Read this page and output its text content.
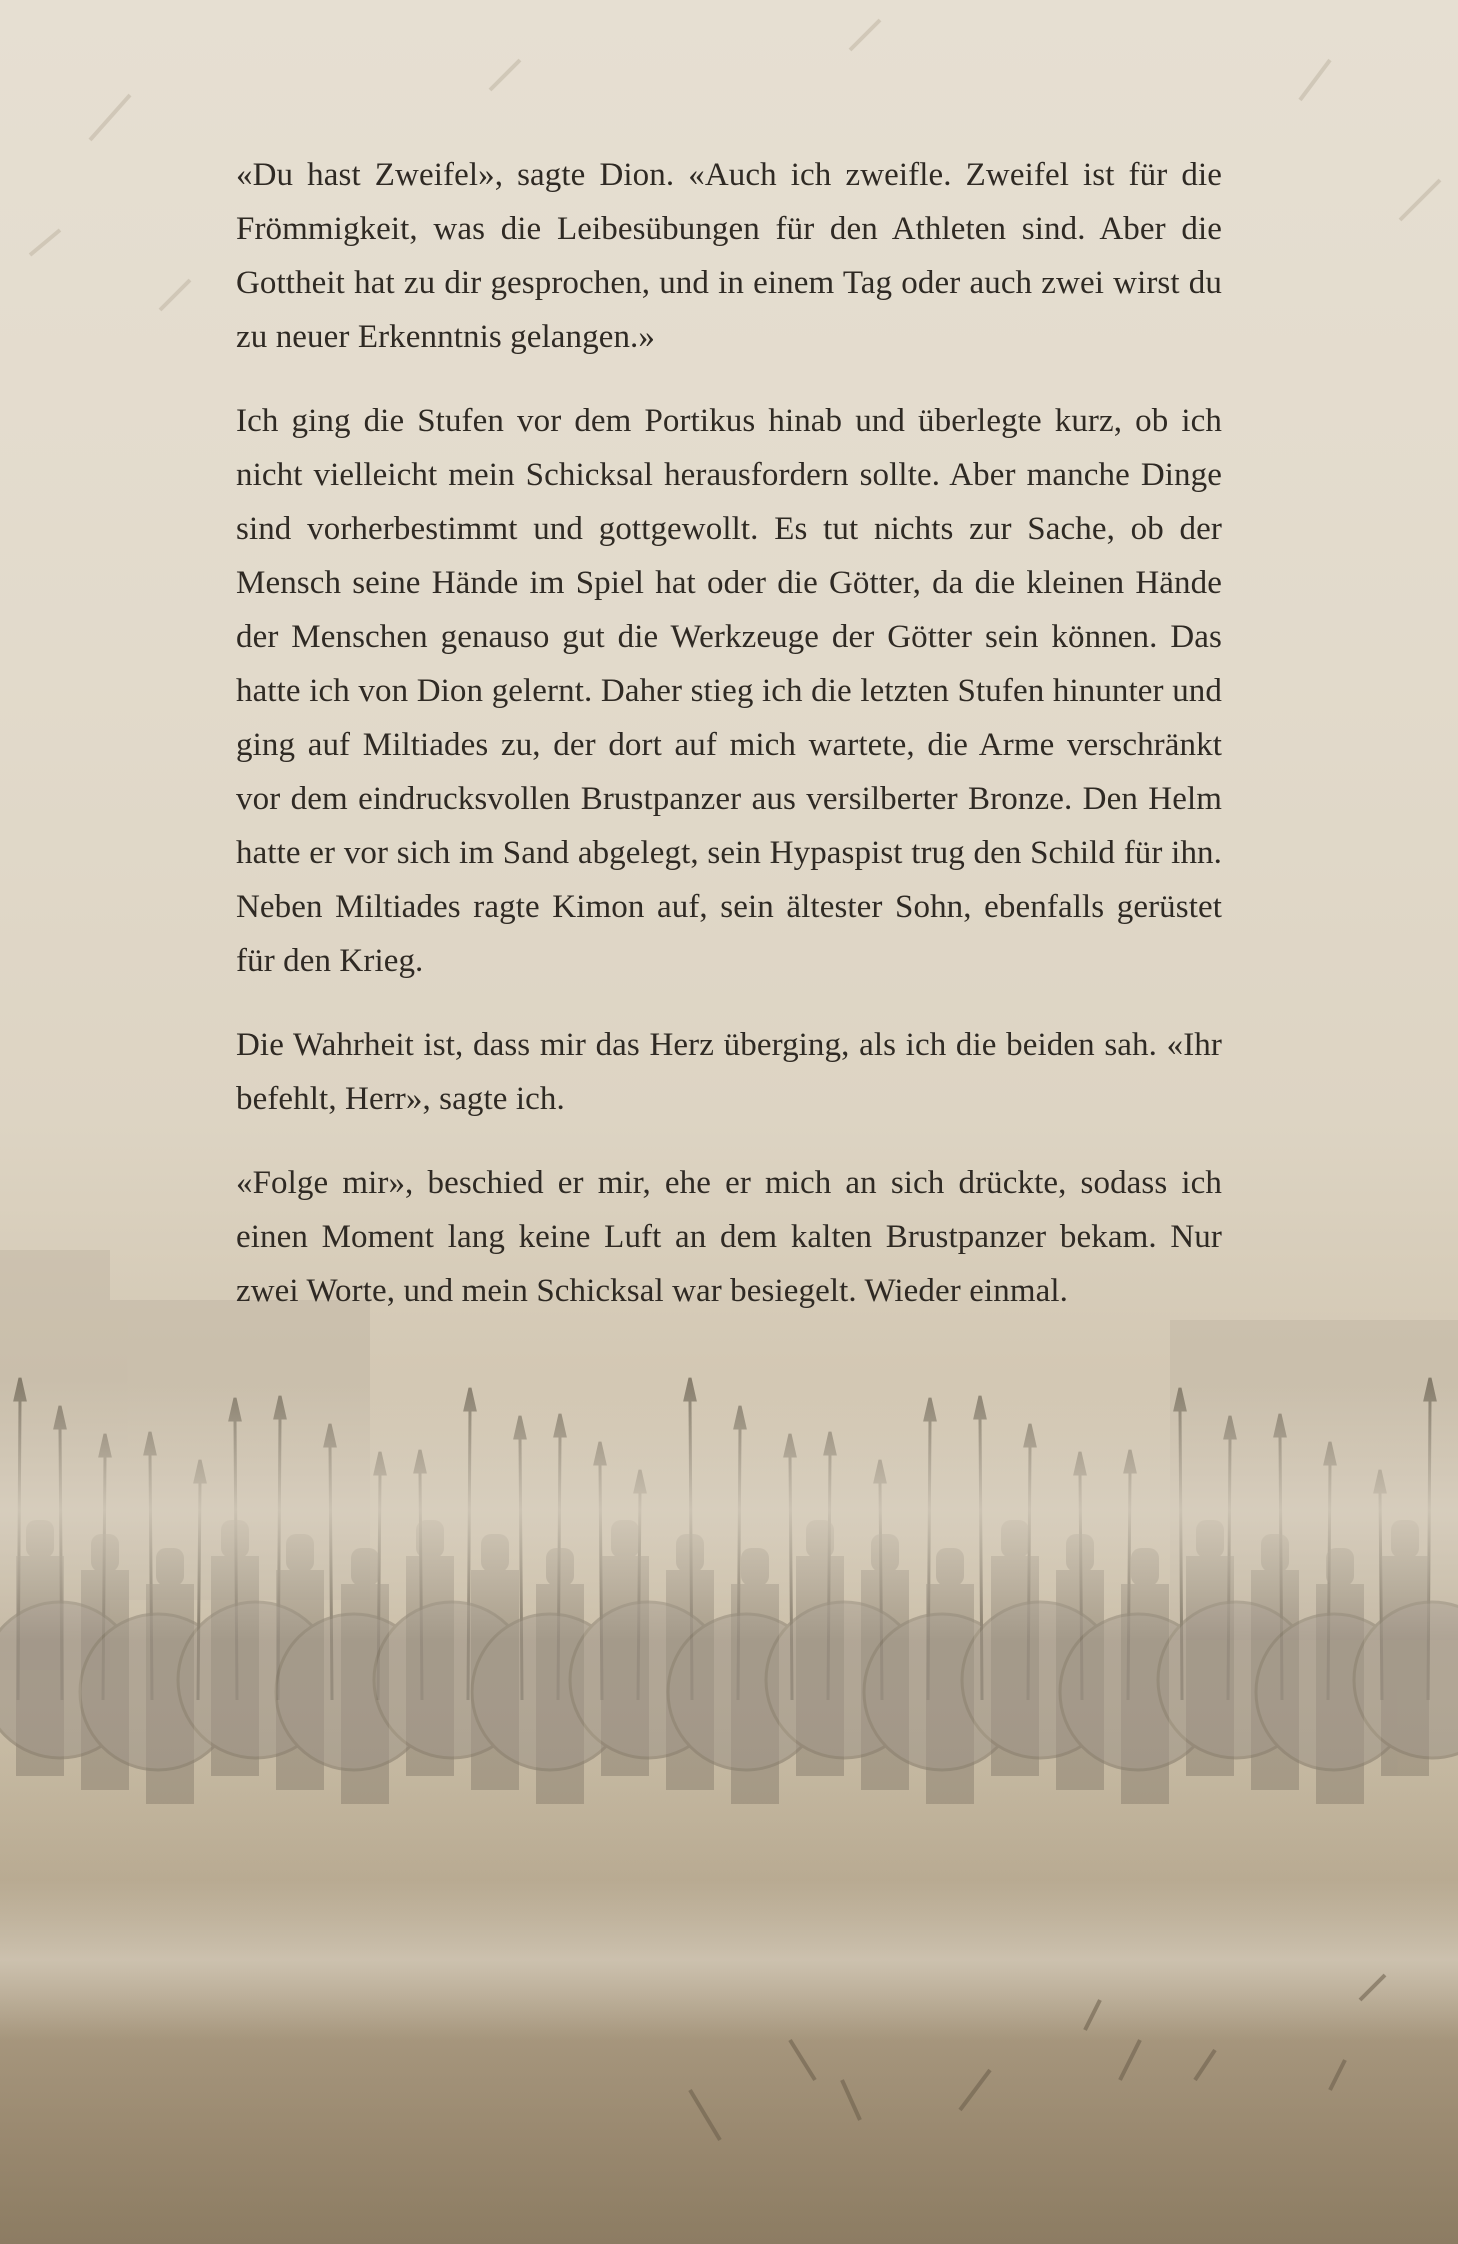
«Du hast Zweifel», sagte Dion. «Auch ich zweifle. Zweifel ist für die Frömmigkeit, was die Leibesübungen für den Athleten sind. Aber die Gottheit hat zu dir gesprochen, und in einem Tag oder auch zwei wirst du zu neuer Erkenntnis gelangen.»

Ich ging die Stufen vor dem Portikus hinab und überlegte kurz, ob ich nicht vielleicht mein Schicksal herausfordern sollte. Aber manche Dinge sind vorherbestimmt und gottgewollt. Es tut nichts zur Sache, ob der Mensch seine Hände im Spiel hat oder die Götter, da die kleinen Hände der Menschen genauso gut die Werkzeuge der Götter sein können. Das hatte ich von Dion gelernt. Daher stieg ich die letzten Stufen hinunter und ging auf Miltiades zu, der dort auf mich wartete, die Arme verschränkt vor dem eindrucksvollen Brustpanzer aus versilberter Bronze. Den Helm hatte er vor sich im Sand abgelegt, sein Hypaspist trug den Schild für ihn. Neben Miltiades ragte Kimon auf, sein ältester Sohn, ebenfalls gerüstet für den Krieg.

Die Wahrheit ist, dass mir das Herz überging, als ich die beiden sah. «Ihr befehlt, Herr», sagte ich.

«Folge mir», beschied er mir, ehe er mich an sich drückte, sodass ich einen Moment lang keine Luft an dem kalten Brustpanzer bekam. Nur zwei Worte, und mein Schicksal war besiegelt. Wieder einmal.
